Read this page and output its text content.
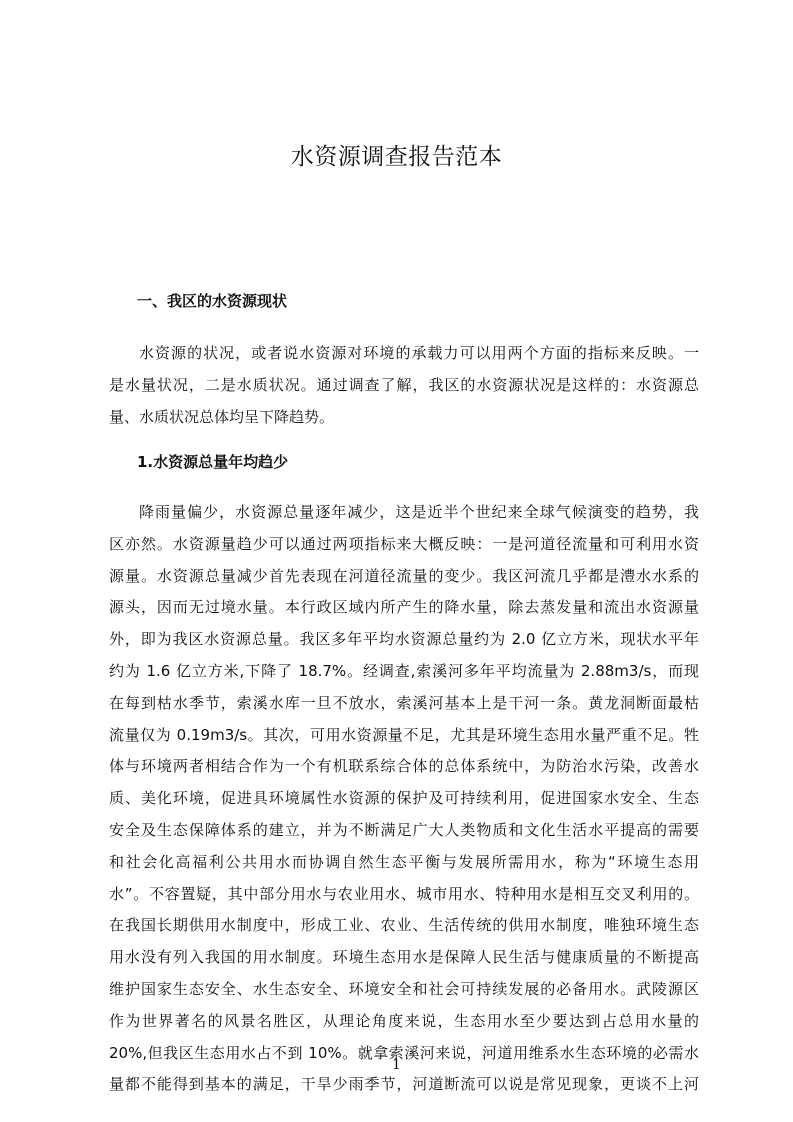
水资源调查报告范本
一、我区的水资源现状
水资源的状况，或者说水资源对环境的承载力可以用两个方面的指标来反映。一
是水量状况，二是水质状况。通过调查了解，我区的水资源状况是这样的：水资源总
量、水质状况总体均呈下降趋势。
1.水资源总量年均趋少
降雨量偏少，水资源总量逐年减少，这是近半个世纪来全球气候演变的趋势，我
区亦然。水资源量趋少可以通过两项指标来大概反映：一是河道径流量和可利用水资
源量。水资源总量减少首先表现在河道径流量的变少。我区河流几乎都是澧水水系的
源头，因而无过境水量。本行政区域内所产生的降水量，除去蒸发量和流出水资源量
外，即为我区水资源总量。我区多年平均水资源总量约为 2.0 亿立方米，现状水平年
约为 1.6 亿立方米,下降了 18.7%。经调查,索溪河多年平均流量为 2.88m3/s，而现
在每到枯水季节，索溪水库一旦不放水，索溪河基本上是干河一条。黄龙洞断面最枯
流量仅为 0.19m3/s。其次，可用水资源量不足，尤其是环境生态用水量严重不足。牲
体与环境两者相结合作为一个有机联系综合体的总体系统中，为防治水污染，改善水
质、美化环境，促进具环境属性水资源的保护及可持续利用，促进国家水安全、生态
安全及生态保障体系的建立，并为不断满足广大人类物质和文化生活水平提高的需要
和社会化高福利公共用水而协调自然生态平衡与发展所需用水，称为“环境生态用
水”。不容置疑，其中部分用水与农业用水、城市用水、特种用水是相互交叉利用的。
在我国长期供用水制度中，形成工业、农业、生活传统的供用水制度，唯独环境生态
用水没有列入我国的用水制度。环境生态用水是保障人民生活与健康质量的不断提高
维护国家生态安全、水生态安全、环境安全和社会可持续发展的必备用水。武陵源区
作为世界著名的风景名胜区，从理论角度来说，生态用水至少要达到占总用水量的
20%,但我区生态用水占不到 10%。就拿索溪河来说，河道用维系水生态环境的必需水
量都不能得到基本的满足，干旱少雨季节，河道断流可以说是常见现象，更谈不上河
1
